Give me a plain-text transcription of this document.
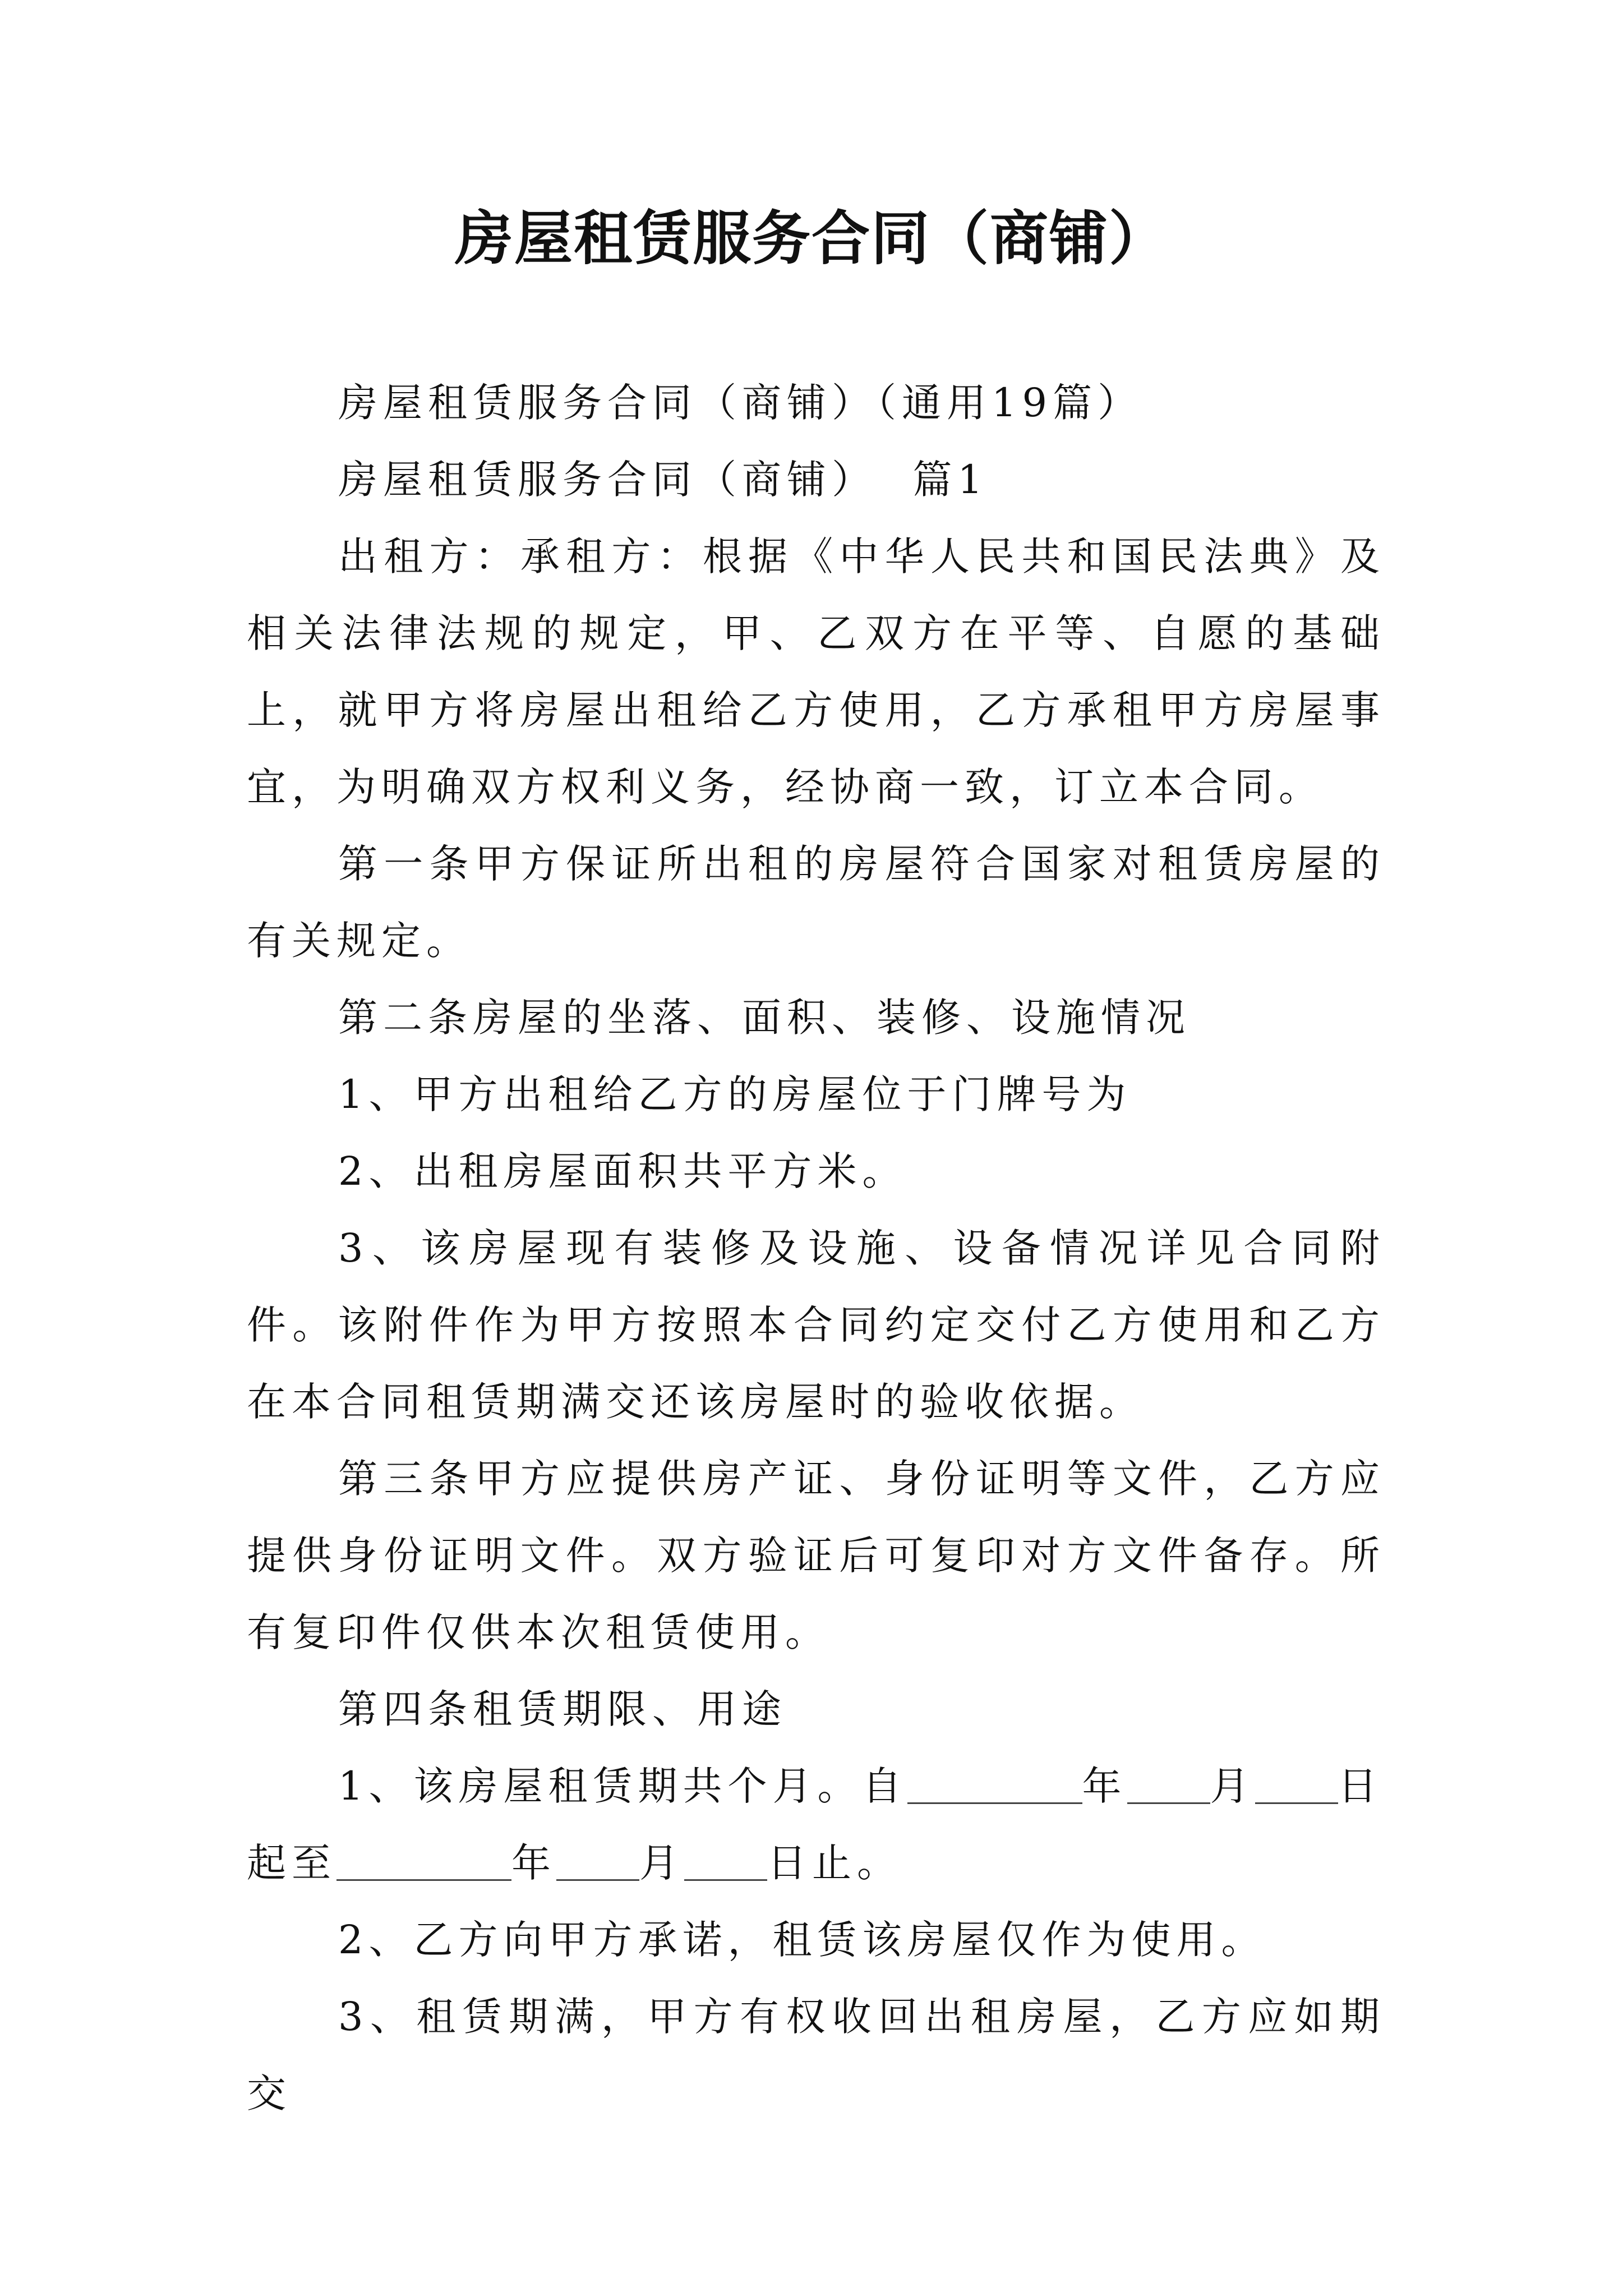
房屋租赁服务合同（商铺）

房屋租赁服务合同（商铺）（通用19篇）

房屋租赁服务合同（商铺）  篇1

出租方：承租方：根据《中华人民共和国民法典》及相关法律法规的规定，甲、乙双方在平等、自愿的基础上，就甲方将房屋出租给乙方使用，乙方承租甲方房屋事宜，为明确双方权利义务，经协商一致，订立本合同。

第一条甲方保证所出租的房屋符合国家对租赁房屋的有关规定。

第二条房屋的坐落、面积、装修、设施情况

1、甲方出租给乙方的房屋位于门牌号为

2、出租房屋面积共平方米。

3、该房屋现有装修及设施、设备情况详见合同附件。该附件作为甲方按照本合同约定交付乙方使用和乙方在本合同租赁期满交还该房屋时的验收依据。

第三条甲方应提供房产证、身份证明等文件，乙方应提供身份证明文件。双方验证后可复印对方文件备存。所有复印件仅供本次租赁使用。

第四条租赁期限、用途

1、该房屋租赁期共个月。自	年 月 日起至	年 月 日止。

2、乙方向甲方承诺，租赁该房屋仅作为使用。

3、租赁期满，甲方有权收回出租房屋，乙方应如期交
